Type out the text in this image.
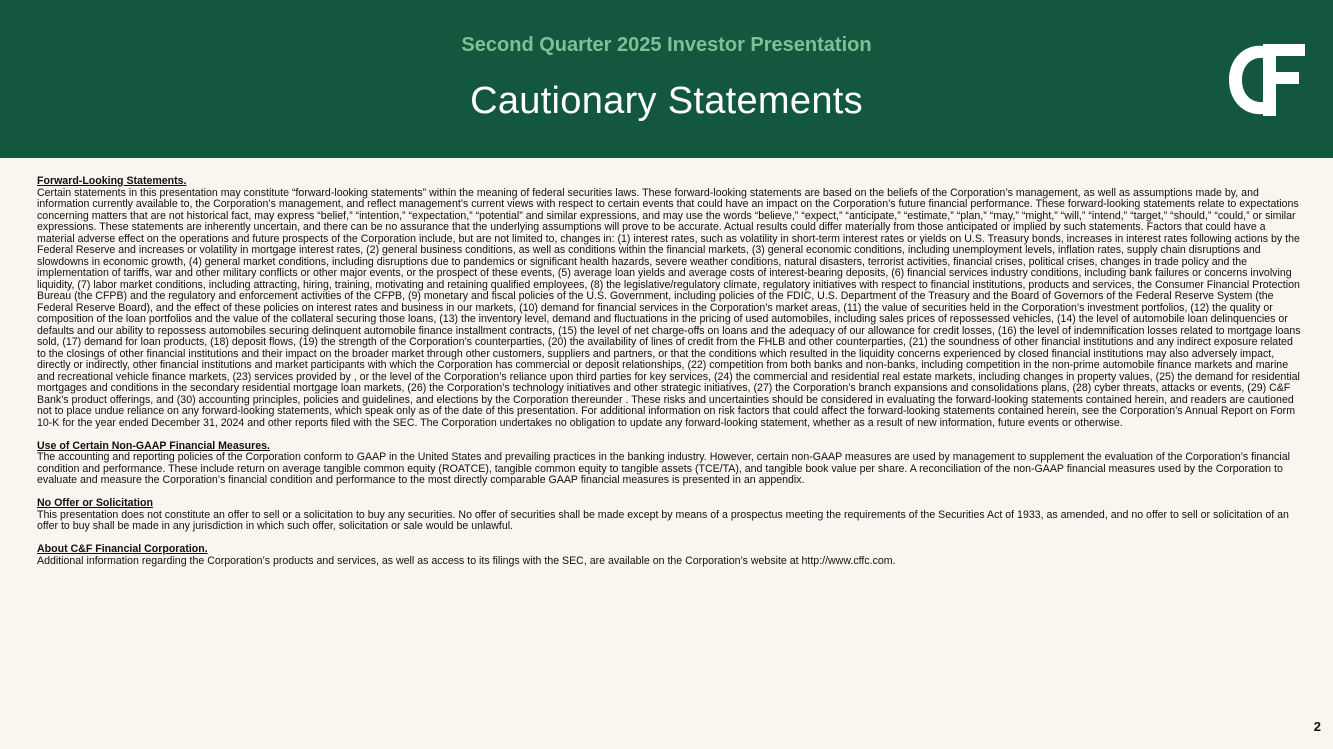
Second Quarter 2025 Investor Presentation
Cautionary Statements
Forward-Looking Statements.

Certain statements in this presentation may constitute “forward-looking statements” within the meaning of federal securities laws. These forward-looking statements are based on the beliefs of the Corporation’s management, as well as assumptions made by, and information currently available to, the Corporation’s management, and reflect management’s current views with respect to certain events that could have an impact on the Corporation’s future financial performance. These forward-looking statements relate to expectations concerning matters that are not historical fact, may express “belief,” “intention,” “expectation,” “potential” and similar expressions, and may use the words “believe,” “expect,” “anticipate,” “estimate,” “plan,” “may,” “might,” “will,” “intend,” “target,” “should,” “could,” or similar expressions. These statements are inherently uncertain, and there can be no assurance that the underlying assumptions will prove to be accurate. Actual results could differ materially from those anticipated or implied by such statements. Factors that could have a material adverse effect on the operations and future prospects of the Corporation include, but are not limited to, changes in: (1) interest rates, such as volatility in short-term interest rates or yields on U.S. Treasury bonds, increases in interest rates following actions by the Federal Reserve and increases or volatility in mortgage interest rates, (2) general business conditions, as well as conditions within the financial markets, (3) general economic conditions, including unemployment levels, inflation rates, supply chain disruptions and slowdowns in economic growth, (4) general market conditions, including disruptions due to pandemics or significant health hazards, severe weather conditions, natural disasters, terrorist activities, financial crises, political crises, changes in trade policy and the implementation of tariffs, war and other military conflicts or other major events, or the prospect of these events, (5) average loan yields and average costs of interest-bearing deposits, (6) financial services industry conditions, including bank failures or concerns involving liquidity, (7) labor market conditions, including attracting, hiring, training, motivating and retaining qualified employees, (8) the legislative/regulatory climate, regulatory initiatives with respect to financial institutions, products and services, the Consumer Financial Protection Bureau (the CFPB) and the regulatory and enforcement activities of the CFPB, (9) monetary and fiscal policies of the U.S. Government, including policies of the FDIC, U.S. Department of the Treasury and the Board of Governors of the Federal Reserve System (the Federal Reserve Board), and the effect of these policies on interest rates and business in our markets, (10) demand for financial services in the Corporation’s market areas, (11) the value of securities held in the Corporation’s investment portfolios, (12) the quality or composition of the loan portfolios and the value of the collateral securing those loans, (13) the inventory level, demand and fluctuations in the pricing of used automobiles, including sales prices of repossessed vehicles, (14) the level of automobile loan delinquencies or defaults and our ability to repossess automobiles securing delinquent automobile finance installment contracts, (15) the level of net charge-offs on loans and the adequacy of our allowance for credit losses, (16) the level of indemnification losses related to mortgage loans sold, (17) demand for loan products, (18) deposit flows, (19) the strength of the Corporation’s counterparties, (20) the availability of lines of credit from the FHLB and other counterparties, (21) the soundness of other financial institutions and any indirect exposure related to the closings of other financial institutions and their impact on the broader market through other customers, suppliers and partners, or that the conditions which resulted in the liquidity concerns experienced by closed financial institutions may also adversely impact, directly or indirectly, other financial institutions and market participants with which the Corporation has commercial or deposit relationships, (22) competition from both banks and non-banks, including competition in the non-prime automobile finance markets and marine and recreational vehicle finance markets, (23) services provided by , or the level of the Corporation’s reliance upon third parties for key services, (24) the commercial and residential real estate markets, including changes in property values, (25) the demand for residential mortgages and conditions in the secondary residential mortgage loan markets, (26) the Corporation’s technology initiatives and other strategic initiatives, (27) the Corporation’s branch expansions and consolidations plans, (28) cyber threats, attacks or events, (29) C&F Bank’s product offerings, and (30) accounting principles, policies and guidelines, and elections by the Corporation thereunder . These risks and uncertainties should be considered in evaluating the forward-looking statements contained herein, and readers are cautioned not to place undue reliance on any forward-looking statements, which speak only as of the date of this presentation. For additional information on risk factors that could affect the forward-looking statements contained herein, see the Corporation’s Annual Report on Form 10-K for the year ended December 31, 2024 and other reports filed with the SEC. The Corporation undertakes no obligation to update any forward-looking statement, whether as a result of new information, future events or otherwise.

Use of Certain Non-GAAP Financial Measures.

The accounting and reporting policies of the Corporation conform to GAAP in the United States and prevailing practices in the banking industry. However, certain non-GAAP measures are used by management to supplement the evaluation of the Corporation’s financial condition and performance. These include return on average tangible common equity (ROATCE), tangible common equity to tangible assets (TCE/TA), and tangible book value per share. A reconciliation of the non-GAAP financial measures used by the Corporation to evaluate and measure the Corporation’s financial condition and performance to the most directly comparable GAAP financial measures is presented in an appendix.

No Offer or Solicitation

This presentation does not constitute an offer to sell or a solicitation to buy any securities. No offer of securities shall be made except by means of a prospectus meeting the requirements of the Securities Act of 1933, as amended, and no offer to sell or solicitation of an offer to buy shall be made in any jurisdiction in which such offer, solicitation or sale would be unlawful.

About C&F Financial Corporation.

Additional information regarding the Corporation’s products and services, as well as access to its filings with the SEC, are available on the Corporation’s website at http://www.cffc.com.

2
